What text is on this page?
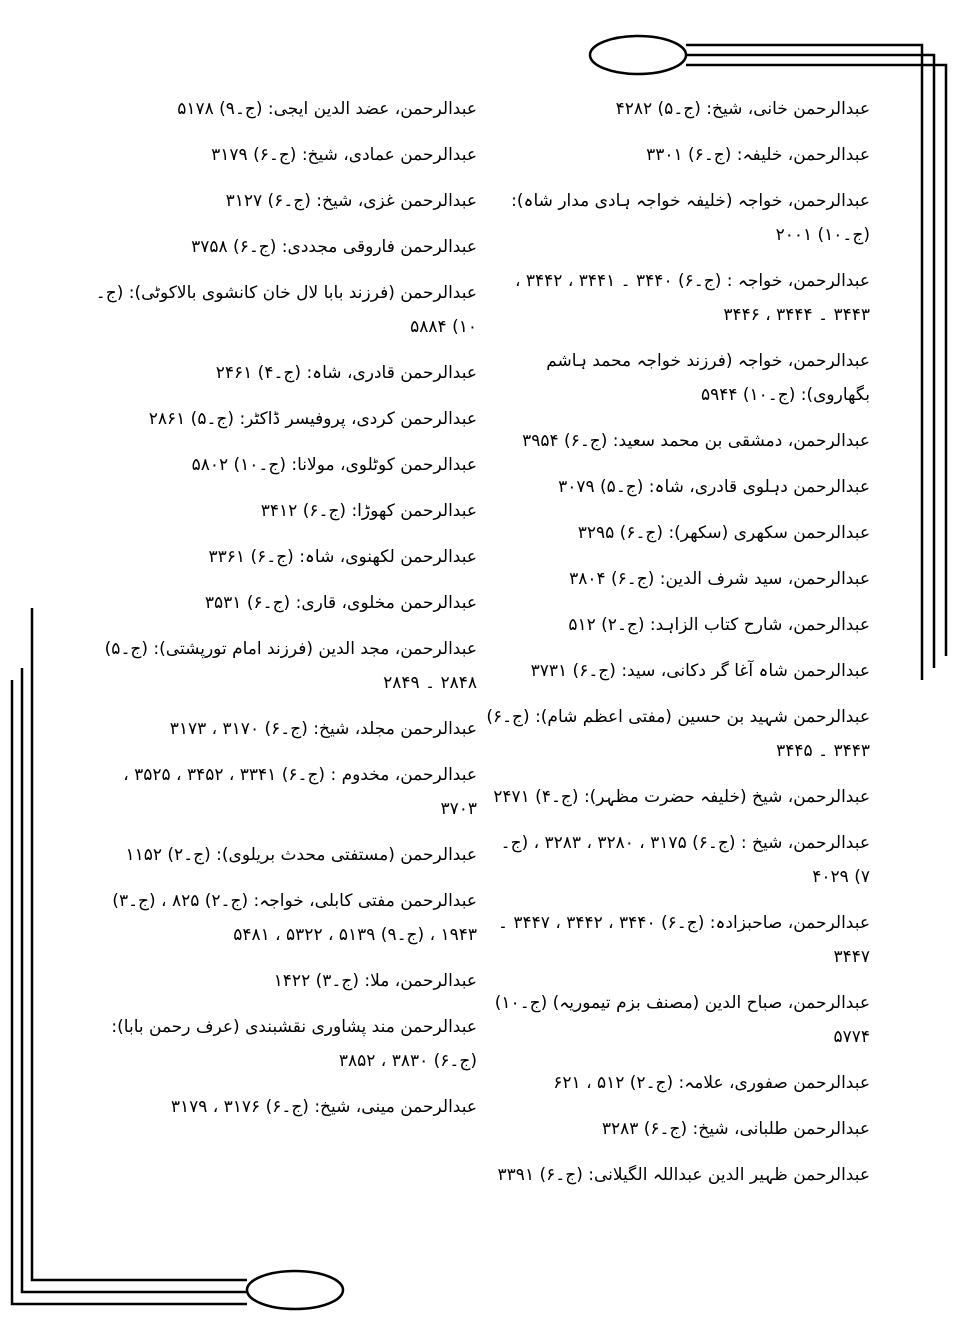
عبدالرحمن خانی، شیخ: (ج۔۵) ۴۲۸۲

عبدالرحمن، خلیفہ: (ج۔۶) ۳۳۰۱

عبدالرحمن، خواجہ (خلیفہ خواجہ ہادی مدار شاہ): (ج۔۱۰) ۲۰۰۱

عبدالرحمن، خواجہ : (ج۔۶) ۳۴۴۰ ۔ ۳۴۴۱ ، ۳۴۴۲ ، ۳۴۴۳ ۔ ۳۴۴۴ ، ۳۴۴۶

عبدالرحمن، خواجہ (فرزند خواجہ محمد ہاشم بگھاروی): (ج۔۱۰) ۵۹۴۴

عبدالرحمن، دمشقی بن محمد سعید: (ج۔۶) ۳۹۵۴

عبدالرحمن دہلوی قادری، شاہ: (ج۔۵) ۳۰۷۹

عبدالرحمن سکھری (سکھر): (ج۔۶) ۳۲۹۵

عبدالرحمن، سید شرف الدین: (ج۔۶) ۳۸۰۴

عبدالرحمن، شارح کتاب الزاہد: (ج۔۲) ۵۱۲

عبدالرحمن شاہ آغا گر دکانی، سید: (ج۔۶) ۳۷۳۱

عبدالرحمن شہید بن حسین (مفتی اعظم شام): (ج۔۶) ۳۴۴۳ ۔ ۳۴۴۵

عبدالرحمن، شیخ (خلیفہ حضرت مظہر): (ج۔۴) ۲۴۷۱

عبدالرحمن، شیخ : (ج۔۶) ۳۱۷۵ ، ۳۲۸۰ ، ۳۲۸۳ ، (ج۔۷) ۴۰۲۹

عبدالرحمن، صاحبزادہ: (ج۔۶) ۳۴۴۰ ، ۳۴۴۲ ، ۳۴۴۷ ۔ ۳۴۴۷

عبدالرحمن، صباح الدین (مصنف بزم تیموریہ) (ج۔۱۰) ۵۷۷۴

عبدالرحمن صفوری، علامہ: (ج۔۲) ۵۱۲ ، ۶۲۱

عبدالرحمن طلبانی، شیخ: (ج۔۶) ۳۲۸۳

عبدالرحمن ظہیر الدین عبداللہ الگیلانی: (ج۔۶) ۳۳۹۱

عبدالرحمن، عضد الدین ایجی: (ج۔۹) ۵۱۷۸

عبدالرحمن عمادی، شیخ: (ج۔۶) ۳۱۷۹

عبدالرحمن غزی، شیخ: (ج۔۶) ۳۱۲۷

عبدالرحمن فاروقی مجددی: (ج۔۶) ۳۷۵۸

عبدالرحمن (فرزند بابا لال خان کانشوی بالاکوٹی): (ج۔۱۰) ۵۸۸۴

عبدالرحمن قادری، شاہ: (ج۔۴) ۲۴۶۱

عبدالرحمن کردی، پروفیسر ڈاکٹر: (ج۔۵) ۲۸۶۱

عبدالرحمن کوٹلوی، مولانا: (ج۔۱۰) ۵۸۰۲

عبدالرحمن کھوڑا: (ج۔۶) ۳۴۱۲

عبدالرحمن لکھنوی، شاہ: (ج۔۶) ۳۳۶۱

عبدالرحمن مخلوی، قاری: (ج۔۶) ۳۵۳۱

عبدالرحمن، مجد الدین (فرزند امام تورپشتی): (ج۔۵) ۲۸۴۸ ۔ ۲۸۴۹

عبدالرحمن مجلد، شیخ: (ج۔۶) ۳۱۷۰ ، ۳۱۷۳

عبدالرحمن، مخدوم : (ج۔۶) ۳۳۴۱ ، ۳۴۵۲ ، ۳۵۲۵ ، ۳۷۰۳

عبدالرحمن (مستفتی محدث بریلوی): (ج۔۲) ۱۱۵۲

عبدالرحمن مفتی کابلی، خواجہ: (ج۔۲) ۸۲۵ ، (ج۔۳) ۱۹۴۳ ، (ج۔۹) ۵۱۳۹ ، ۵۳۲۲ ، ۵۴۸۱

عبدالرحمن، ملا: (ج۔۳) ۱۴۲۲

عبدالرحمن مند پشاوری نقشبندی (عرف رحمن بابا): (ج۔۶) ۳۸۳۰ ، ۳۸۵۲

عبدالرحمن مینی، شیخ: (ج۔۶) ۳۱۷۶ ، ۳۱۷۹
